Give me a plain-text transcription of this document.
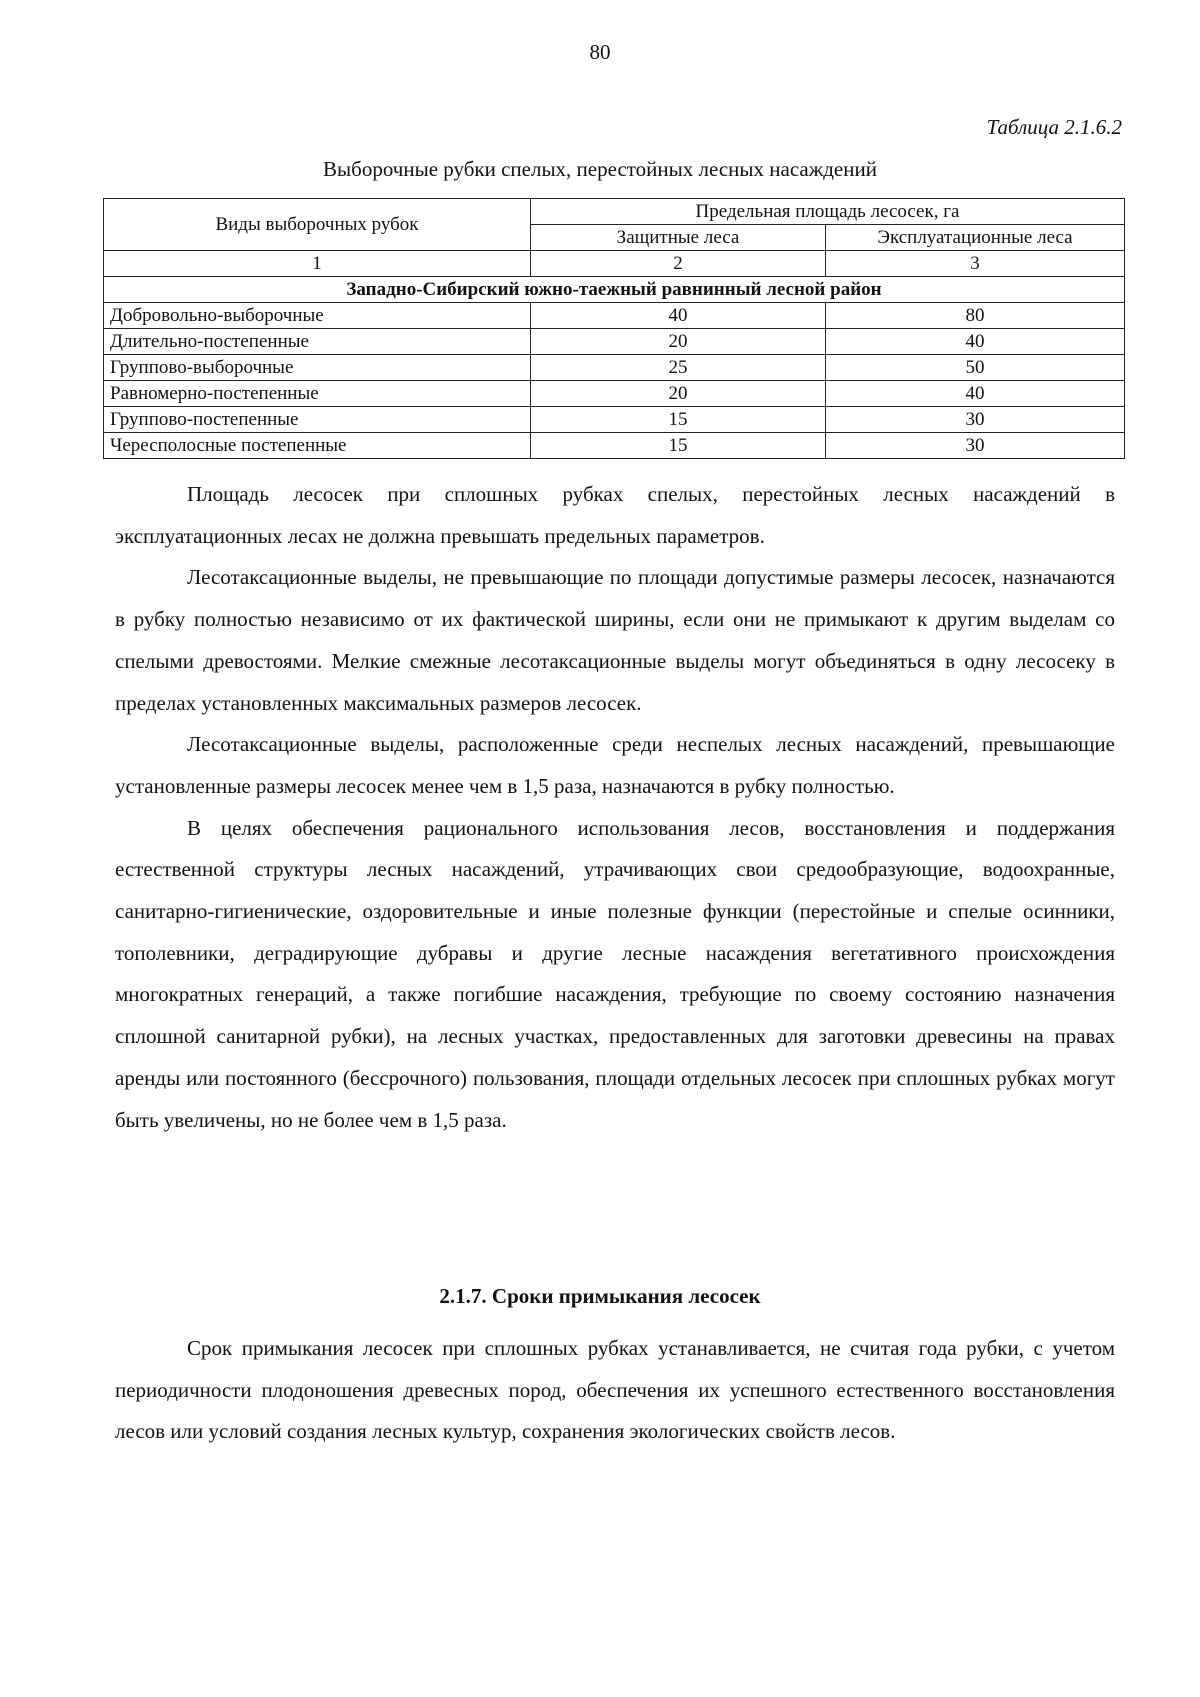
80
Таблица 2.1.6.2
Выборочные рубки спелых, перестойных лесных насаждений
Виды выборочных рубок	Предельная площадь лесосек, га	
	Защитные леса	Эксплуатационные леса
1	2	3
Западно-Сибирский южно-таежный равнинный лесной район		
Добровольно-выборочные	40	80
Длительно-постепенные	20	40
Группово-выборочные	25	50
Равномерно-постепенные	20	40
Группово-постепенные	15	30
Чересполосные постепенные	15	30

Площадь лесосек при сплошных рубках спелых, перестойных лесных насаждений в эксплуатационных лесах не должна превышать предельных параметров.

Лесотаксационные выделы, не превышающие по площади допустимые размеры лесосек, назначаются в рубку полностью независимо от их фактической ширины, если они не примыкают к другим выделам со спелыми древостоями. Мелкие смежные лесотаксационные выделы могут объединяться в одну лесосеку в пределах установленных максимальных размеров лесосек.

Лесотаксационные выделы, расположенные среди неспелых лесных насаждений, превышающие установленные размеры лесосек менее чем в 1,5 раза, назначаются в рубку полностью.

В целях обеспечения рационального использования лесов, восстановления и поддержания естественной структуры лесных насаждений, утрачивающих свои средообразующие, водоохранные, санитарно-гигиенические, оздоровительные и иные полезные функции (перестойные и спелые осинники, тополевники, деградирующие дубравы и другие лесные насаждения вегетативного происхождения многократных генераций, а также погибшие насаждения, требующие по своему состоянию назначения сплошной санитарной рубки), на лесных участках, предоставленных для заготовки древесины на правах аренды или постоянного (бессрочного) пользования, площади отдельных лесосек при сплошных рубках могут быть увеличены, но не более чем в 1,5 раза.

2.1.7. Сроки примыкания лесосек

Срок примыкания лесосек при сплошных рубках устанавливается, не считая года рубки, с учетом периодичности плодоношения древесных пород, обеспечения их успешного естественного восстановления лесов или условий создания лесных культур, сохранения экологических свойств лесов.
